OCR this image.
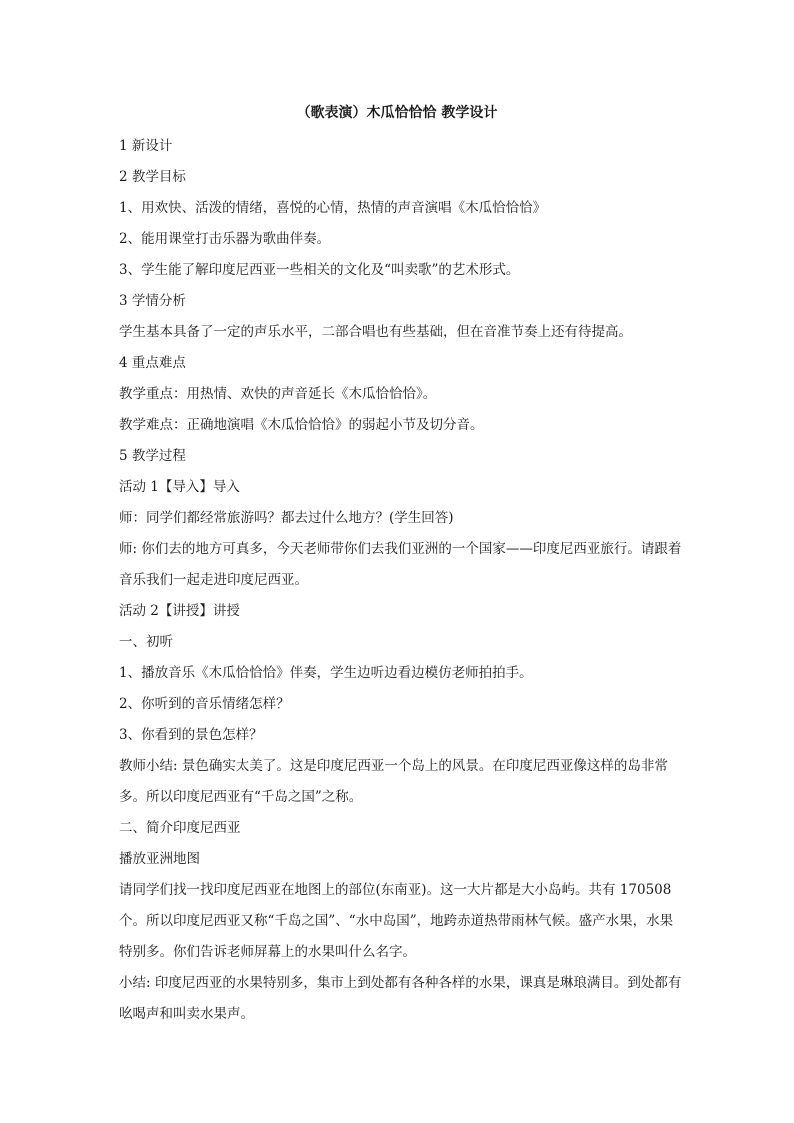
（歌表演）木瓜恰恰恰 教学设计

1 新设计

2 教学目标

1、用欢快、活泼的情绪，喜悦的心情，热情的声音演唱《木瓜恰恰恰》

2、能用课堂打击乐器为歌曲伴奏。

3、学生能了解印度尼西亚一些相关的文化及“叫卖歌”的艺术形式。

3 学情分析

学生基本具备了一定的声乐水平，二部合唱也有些基础，但在音准节奏上还有待提高。

4 重点难点

教学重点：用热情、欢快的声音延长《木瓜恰恰恰》。

教学难点：正确地演唱《木瓜恰恰恰》的弱起小节及切分音。

5 教学过程

活动 1【导入】导入

师：同学们都经常旅游吗？都去过什么地方？(学生回答)

师: 你们去的地方可真多，今天老师带你们去我们亚洲的一个国家——印度尼西亚旅行。请跟着音乐我们一起走进印度尼西亚。

活动 2【讲授】讲授

一、初听

1、播放音乐《木瓜恰恰恰》伴奏，学生边听边看边模仿老师拍拍手。

2、你听到的音乐情绪怎样？

3、你看到的景色怎样？

教师小结: 景色确实太美了。这是印度尼西亚一个岛上的风景。在印度尼西亚像这样的岛非常多。所以印度尼西亚有“千岛之国”之称。

二、简介印度尼西亚

播放亚洲地图

请同学们找一找印度尼西亚在地图上的部位(东南亚)。这一大片都是大小岛屿。共有 170508 个。所以印度尼西亚又称“千岛之国”、“水中岛国”，地跨赤道热带雨林气候。盛产水果，水果特别多。你们告诉老师屏幕上的水果叫什么名字。

小结: 印度尼西亚的水果特别多，集市上到处都有各种各样的水果，课真是琳琅满目。到处都有吆喝声和叫卖水果声。
